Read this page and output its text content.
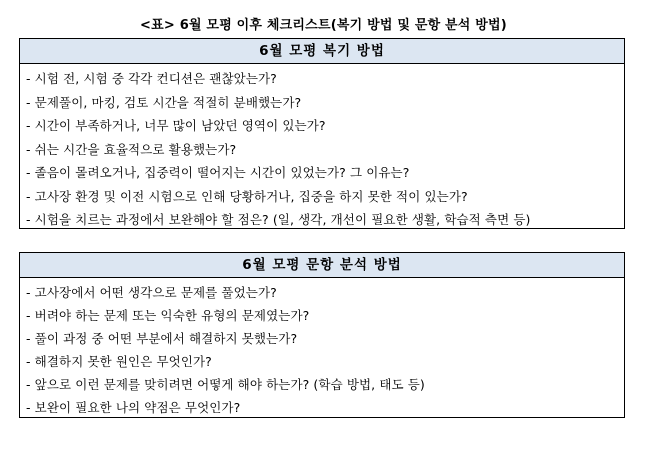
<표> 6월 모평 이후 체크리스트(복기 방법 및 문항 분석 방법)
6월 모평 복기 방법
- 시험 전, 시험 중 각각 컨디션은 괜찮았는가?
- 문제풀이, 마킹, 검토 시간을 적절히 분배했는가?
- 시간이 부족하거나, 너무 많이 남았던 영역이 있는가?
- 쉬는 시간을 효율적으로 활용했는가?
- 졸음이 몰려오거나, 집중력이 떨어지는 시간이 있었는가? 그 이유는?
- 고사장 환경 및 이전 시험으로 인해 당황하거나, 집중을 하지 못한 적이 있는가?
- 시험을 치르는 과정에서 보완해야 할 점은? (일, 생각, 개선이 필요한 생활, 학습적 측면 등)
6월 모평 문항 분석 방법
- 고사장에서 어떤 생각으로 문제를 풀었는가?
- 버려야 하는 문제 또는 익숙한 유형의 문제였는가?
- 풀이 과정 중 어떤 부분에서 해결하지 못했는가?
- 해결하지 못한 원인은 무엇인가?
- 앞으로 이런 문제를 맞히려면 어떻게 해야 하는가? (학습 방법, 태도 등)
- 보완이 필요한 나의 약점은 무엇인가?
